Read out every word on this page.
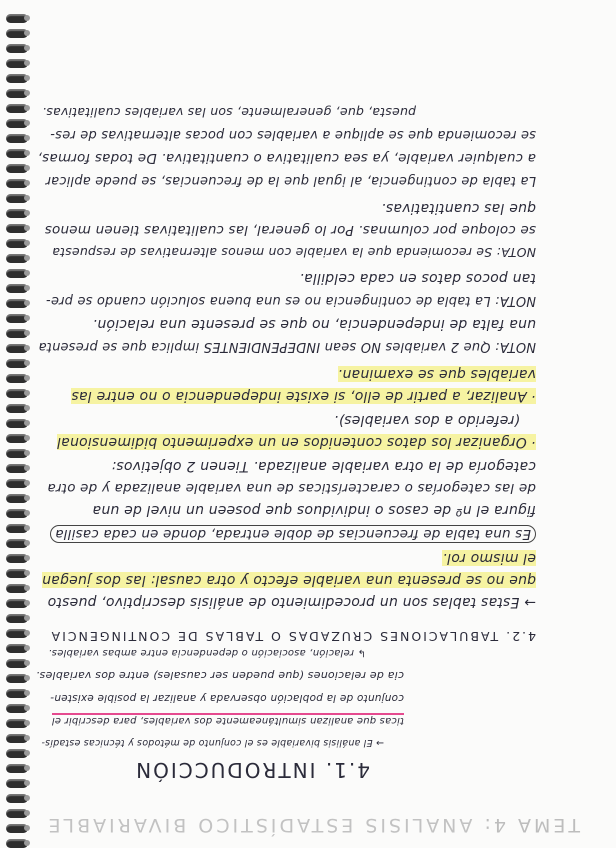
TEMA 4: ANALISIS ESTADÍSTICO BIVARIABLE
4.1. INTRODUCCIÓN
→ El análisis bivariable es el conjunto de métodos y técnicas estadís-
ticas que analizan simultáneamente dos variables, para describir el
conjunto de la población observada y analizar la posible existen-
cia de relaciones (que pueden ser causales) entre dos variables.
↳ relación, asociación o dependencia entre ambas variables.
4.2. TABULACIONES CRUZADAS O TABLAS DE CONTINGENCIA
→ Estas tablas son un procedimiento de análisis descriptivo, puesto
que no se presenta una variable efecto y otra causal: las dos juegan
el mismo rol.
Es una tabla de frecuencias de doble entrada, donde en cada casilla
figura el nº de casos o individuos que poseen un nivel de una
de las categorías o características de una variable analizada y de otra
categoría de la otra variable analizada. Tienen 2 objetivos:
· Organizar los datos contenidos en un experimento bidimensional
(referido a dos variables).
· Analizar, a partir de ello, si existe independencia o no entre las
variables que se examinan.
NOTA: Que 2 variables NO sean INDEPENDIENTES implica que se presenta
una falta de independencia, no que se presente una relación.
NOTA: La tabla de contingencia no es una buena solución cuando se pre-
tan pocos datos en cada celdilla.
NOTA: Se recomienda que la variable con menos alternativas de respuesta
se coloque por columnas. Por lo general, las cualitativas tienen menos
que las cuantitativas.
La tabla de contingencia, al igual que la de frecuencias, se puede aplicar
a cualquier variable, ya sea cualitativa o cuantitativa. De todas formas,
se recomienda que se aplique a variables con pocas alternativas de res-
puesta, que, generalmente, son las variables cualitativas.
